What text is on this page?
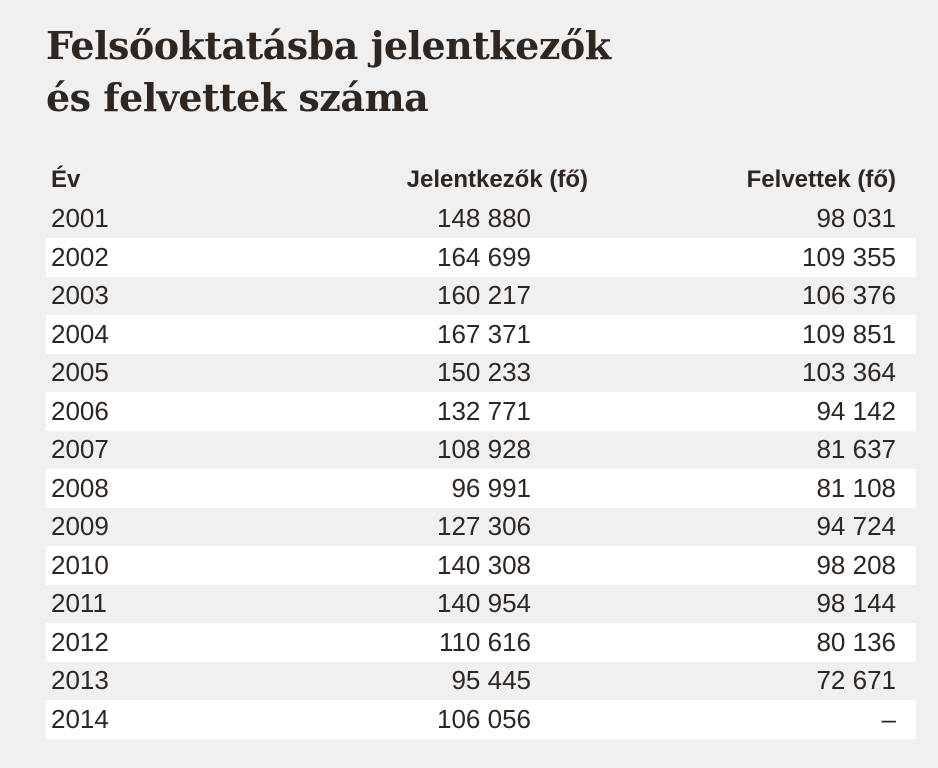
Felsőoktatásba jelentkezők
és felvettek száma
Év	Jelentkezők (fő)	Felvettek (fő)
2001	148 880	98 031
2002	164 699	109 355
2003	160 217	106 376
2004	167 371	109 851
2005	150 233	103 364
2006	132 771	94 142
2007	108 928	81 637
2008	96 991	81 108
2009	127 306	94 724
2010	140 308	98 208
2011	140 954	98 144
2012	110 616	80 136
2013	95 445	72 671
2014	106 056	–
